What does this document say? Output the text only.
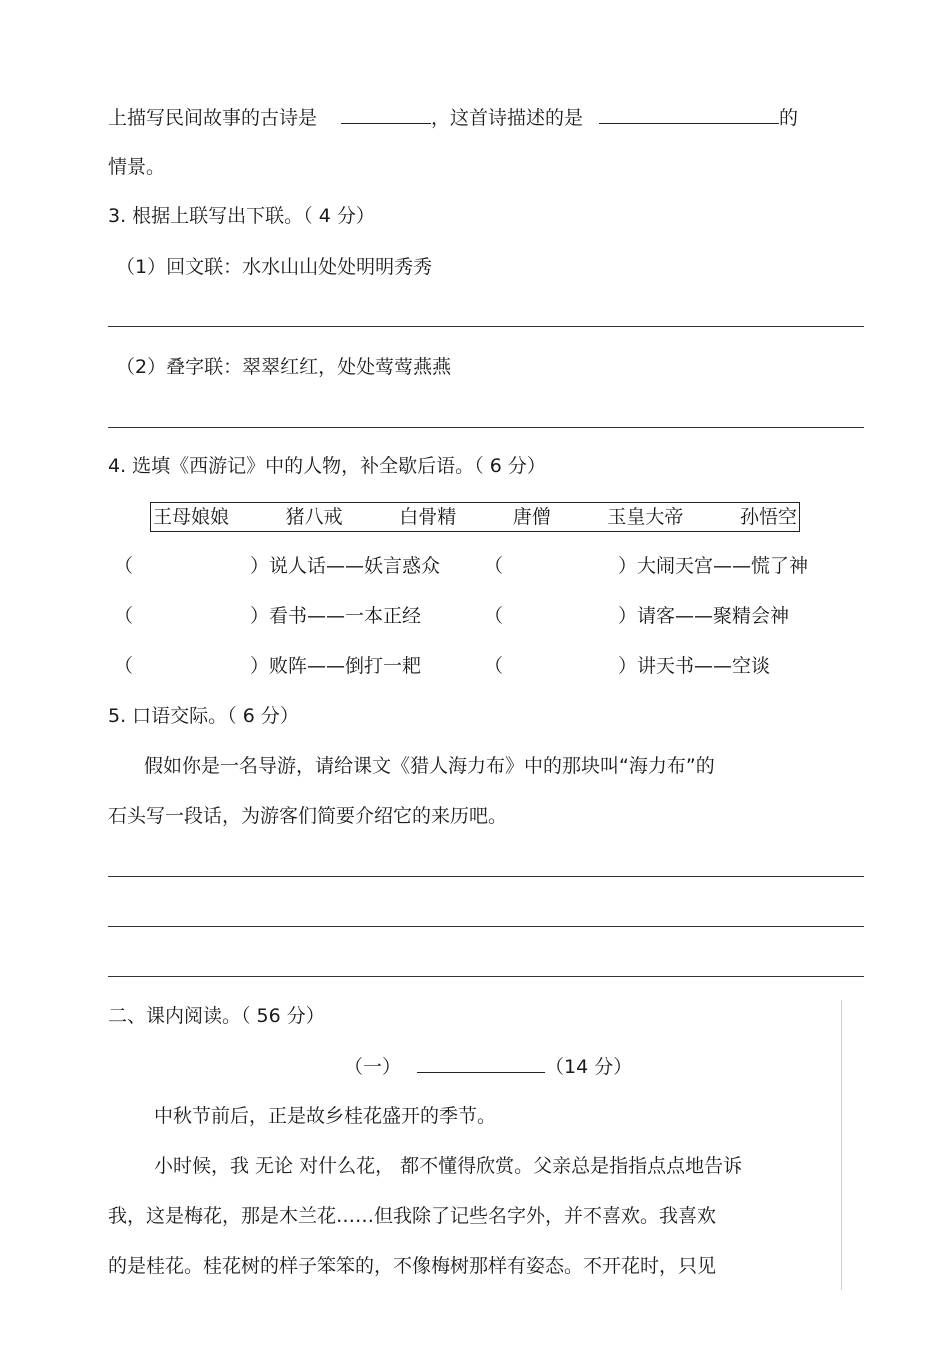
上描写民间故事的古诗是	，这首诗描述的是	的
情景。
3. 根据上联写出下联。（ 4 分）
（1）回文联：水水山山处处明明秀秀
（2）叠字联：翠翠红红，处处莺莺燕燕
4. 选填《西游记》中的人物，补全歇后语。（ 6 分）
王母娘娘	猪八戒	白骨精	唐僧	玉皇大帝	孙悟空
（	）说人话——妖言惑众 （	）大闹天宫——慌了神
（	）看书——一本正经	（	）请客——聚精会神
（	）败阵——倒打一耙	（	）讲天书——空谈
5. 口语交际。（ 6 分）
假如你是一名导游，请给课文《猎人海力布》中的那块叫“海力布”的
石头写一段话，为游客们简要介绍它的来历吧。
二、课内阅读。（ 56 分）
（一）	（14 分）
中秋节前后，正是故乡桂花盛开的季节。
小时候，我 无论 对什么花， 都不懂得欣赏。父亲总是指指点点地告诉
我，这是梅花，那是木兰花……但我除了记些名字外，并不喜欢。我喜欢
的是桂花。桂花树的样子笨笨的，不像梅树那样有姿态。不开花时，只见
